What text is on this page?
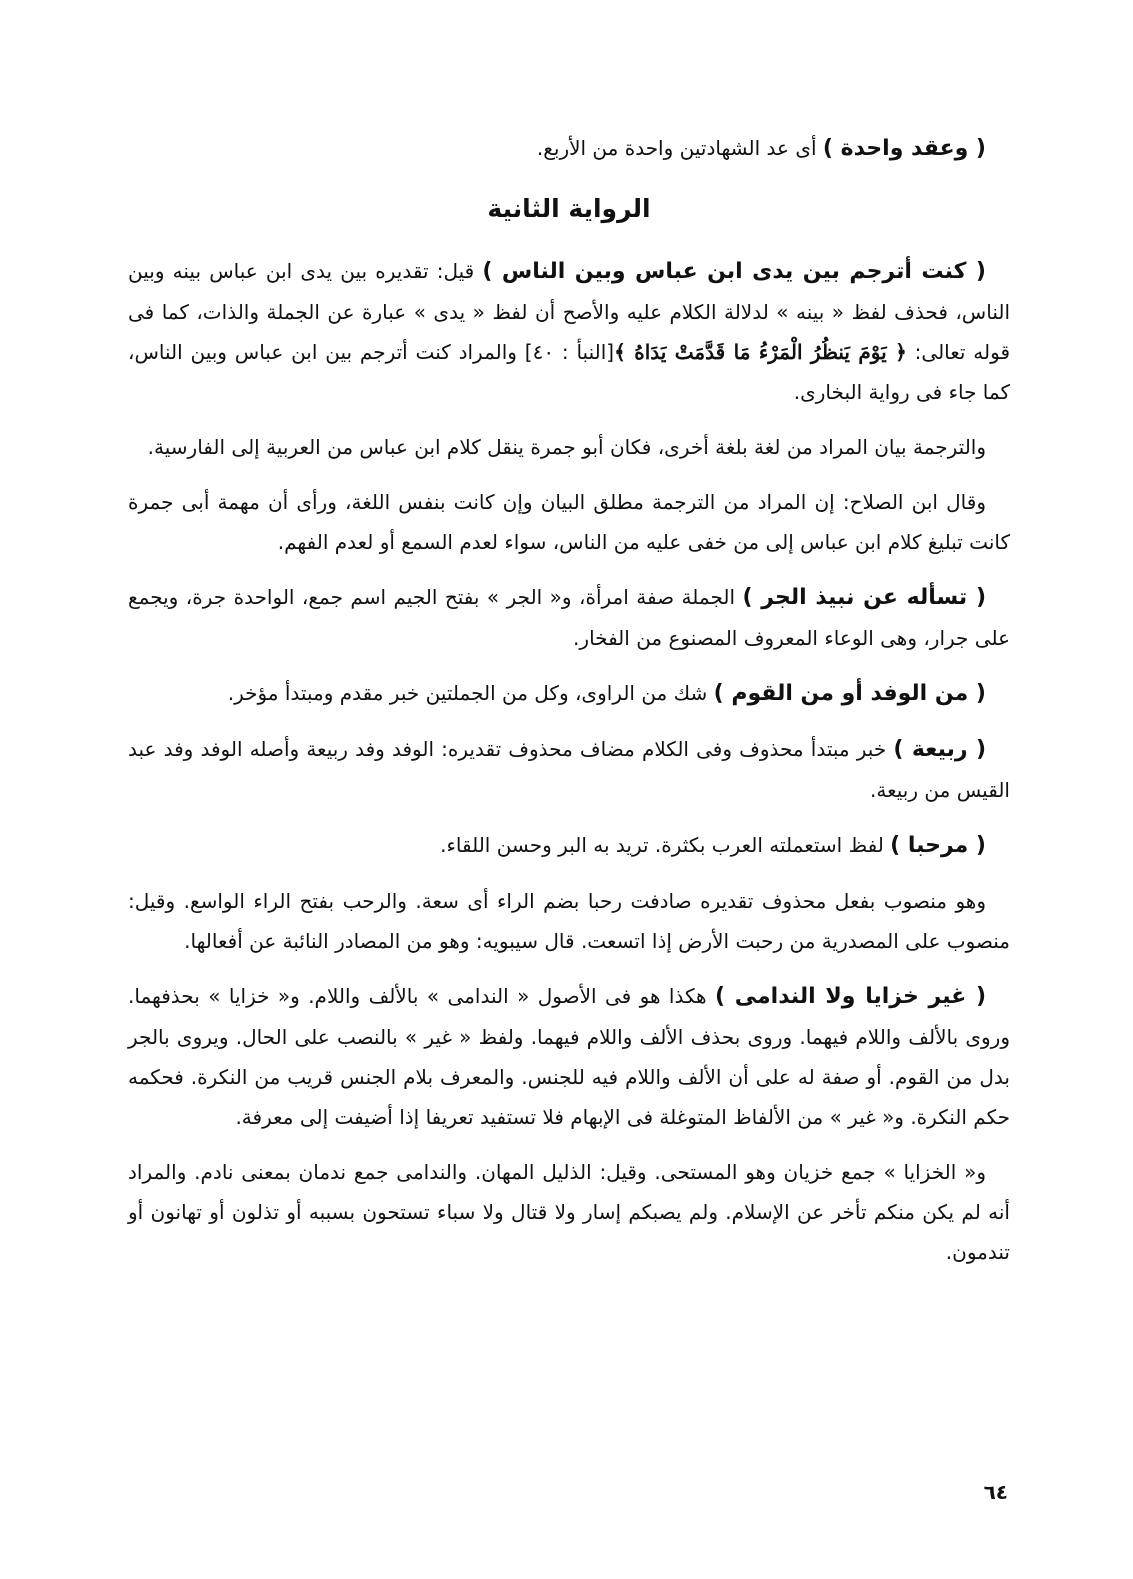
( وعقد واحدة ) أى عد الشهادتين واحدة من الأربع.

الرواية الثانية

( كنت أترجم بين يدى ابن عباس وبين الناس ) قيل: تقديره بين يدى ابن عباس بينه وبين الناس، فحذف لفظ « بينه » لدلالة الكلام عليه والأصح أن لفظ « يدى » عبارة عن الجملة والذات، كما فى قوله تعالى: ﴿ يَوْمَ يَنظُرُ الْمَرْءُ مَا قَدَّمَتْ يَدَاهُ ﴾[النبأ : ٤٠] والمراد كنت أترجم بين ابن عباس وبين الناس، كما جاء فى رواية البخارى.

والترجمة بيان المراد من لغة بلغة أخرى، فكان أبو جمرة ينقل كلام ابن عباس من العربية إلى الفارسية.

وقال ابن الصلاح: إن المراد من الترجمة مطلق البيان وإن كانت بنفس اللغة، ورأى أن مهمة أبى جمرة كانت تبليغ كلام ابن عباس إلى من خفى عليه من الناس، سواء لعدم السمع أو لعدم الفهم.

( تسأله عن نبيذ الجر ) الجملة صفة امرأة، و« الجر » بفتح الجيم اسم جمع، الواحدة جرة، ويجمع على جرار، وهى الوعاء المعروف المصنوع من الفخار.

( من الوفد أو من القوم ) شك من الراوى، وكل من الجملتين خبر مقدم ومبتدأ مؤخر.

( ربيعة ) خبر مبتدأ محذوف وفى الكلام مضاف محذوف تقديره: الوفد وفد ربيعة وأصله الوفد وفد عبد القيس من ربيعة.

( مرحبا ) لفظ استعملته العرب بكثرة. تريد به البر وحسن اللقاء.

وهو منصوب بفعل محذوف تقديره صادفت رحبا بضم الراء أى سعة. والرحب بفتح الراء الواسع. وقيل: منصوب على المصدرية من رحبت الأرض إذا اتسعت. قال سيبويه: وهو من المصادر النائبة عن أفعالها.

( غير خزايا ولا الندامى ) هكذا هو فى الأصول « الندامى » بالألف واللام. و« خزايا » بحذفهما. وروى بالألف واللام فيهما. وروى بحذف الألف واللام فيهما. ولفظ « غير » بالنصب على الحال. ويروى بالجر بدل من القوم. أو صفة له على أن الألف واللام فيه للجنس. والمعرف بلام الجنس قريب من النكرة. فحكمه حكم النكرة. و« غير » من الألفاظ المتوغلة فى الإبهام فلا تستفيد تعريفا إذا أضيفت إلى معرفة.

و« الخزايا » جمع خزيان وهو المستحى. وقيل: الذليل المهان. والندامى جمع ندمان بمعنى نادم. والمراد أنه لم يكن منكم تأخر عن الإسلام. ولم يصبكم إسار ولا قتال ولا سباء تستحون بسببه أو تذلون أو تهانون أو تندمون.

٦٤
